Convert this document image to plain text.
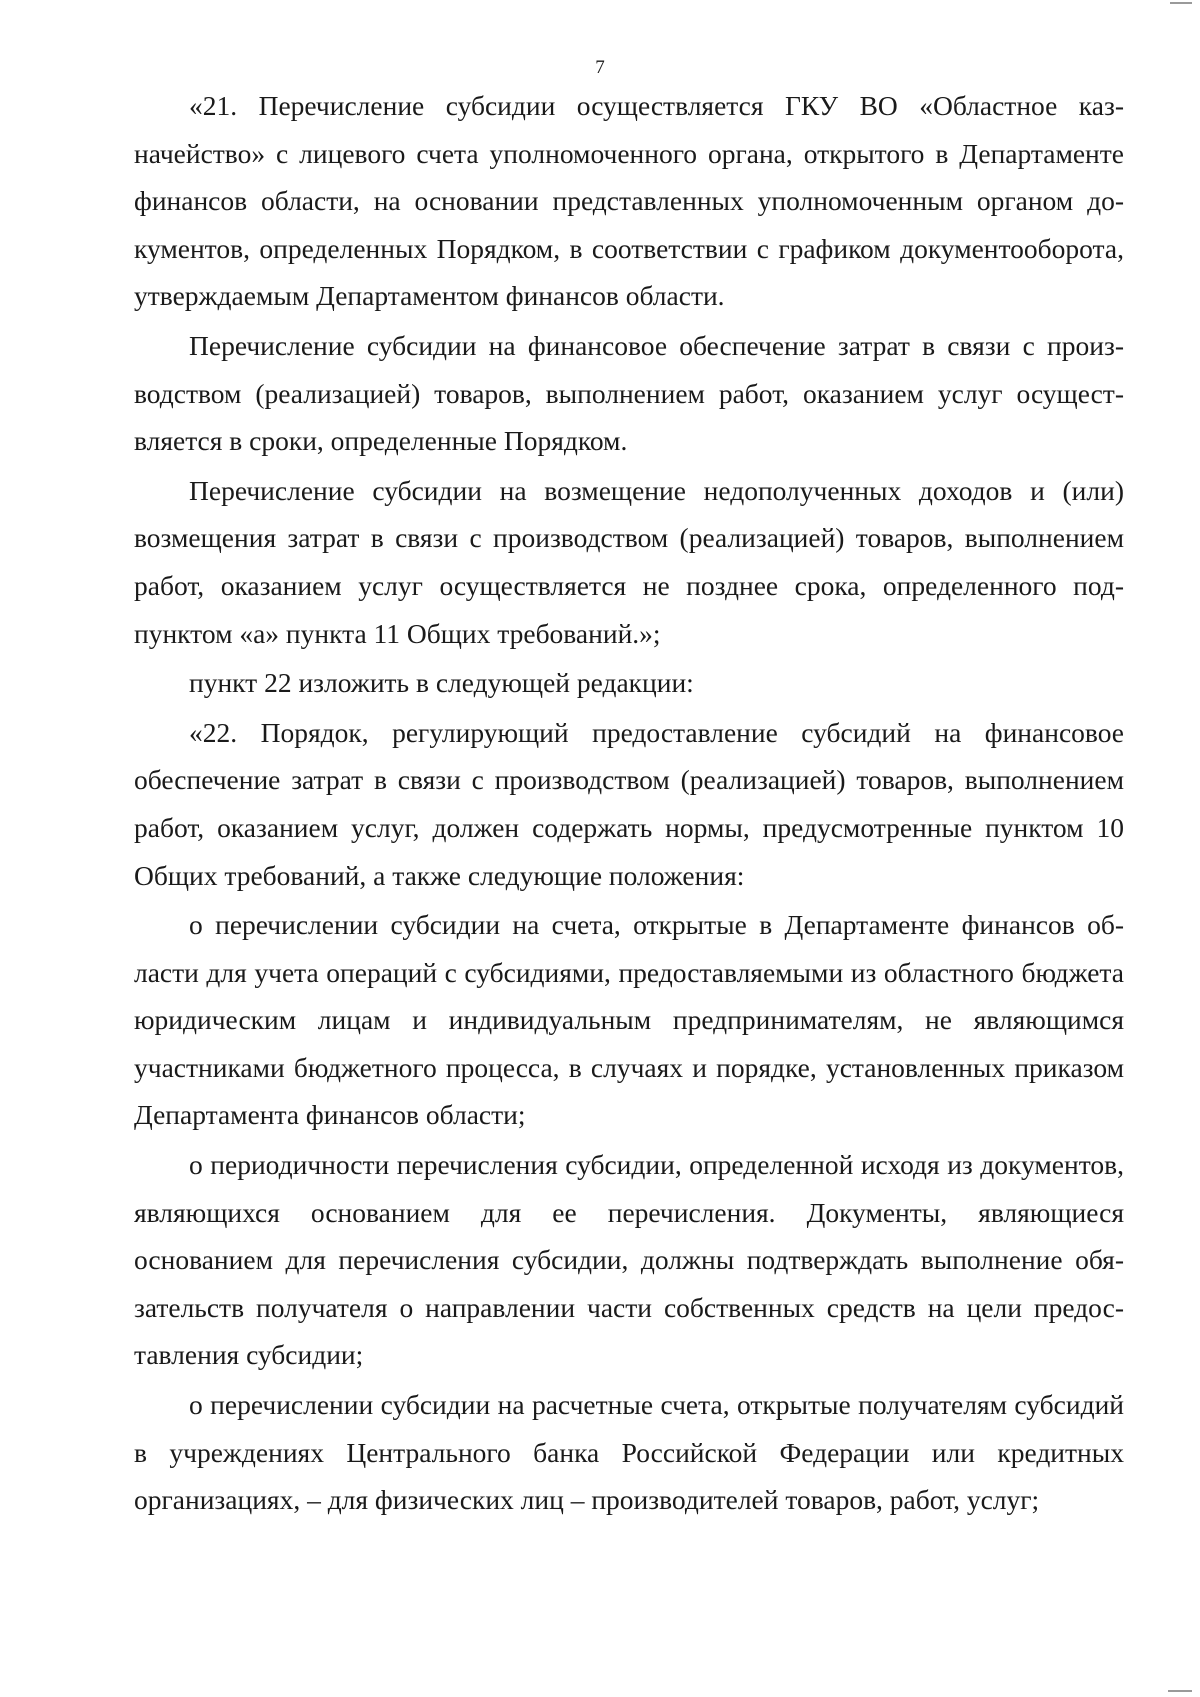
7

«21. Перечисление субсидии осуществляется ГКУ ВО «Областное казначейство» с лицевого счета уполномоченного органа, открытого в Департаменте финансов области, на основании представленных уполномоченным органом документов, определенных Порядком, в соответствии с графиком документооборота, утверждаемым Департаментом финансов области.

Перечисление субсидии на финансовое обеспечение затрат в связи с производством (реализацией) товаров, выполнением работ, оказанием услуг осуществляется в сроки, определенные Порядком.

Перечисление субсидии на возмещение недополученных доходов и (или) возмещения затрат в связи с производством (реализацией) товаров, выполнением работ, оказанием услуг осуществляется не позднее срока, определенного подпунктом «а» пункта 11 Общих требований.»;

пункт 22 изложить в следующей редакции:

«22. Порядок, регулирующий предоставление субсидий на финансовое обеспечение затрат в связи с производством (реализацией) товаров, выполнением работ, оказанием услуг, должен содержать нормы, предусмотренные пунктом 10 Общих требований, а также следующие положения:

о перечислении субсидии на счета, открытые в Департаменте финансов области для учета операций с субсидиями, предоставляемыми из областного бюджета юридическим лицам и индивидуальным предпринимателям, не являющимся участниками бюджетного процесса, в случаях и порядке, установленных приказом Департамента финансов области;

о периодичности перечисления субсидии, определенной исходя из документов, являющихся основанием для ее перечисления. Документы, являющиеся основанием для перечисления субсидии, должны подтверждать выполнение обязательств получателя о направлении части собственных средств на цели предоставления субсидии;

о перечислении субсидии на расчетные счета, открытые получателям субсидий в учреждениях Центрального банка Российской Федерации или кредитных организациях, – для физических лиц – производителей товаров, работ, услуг;
